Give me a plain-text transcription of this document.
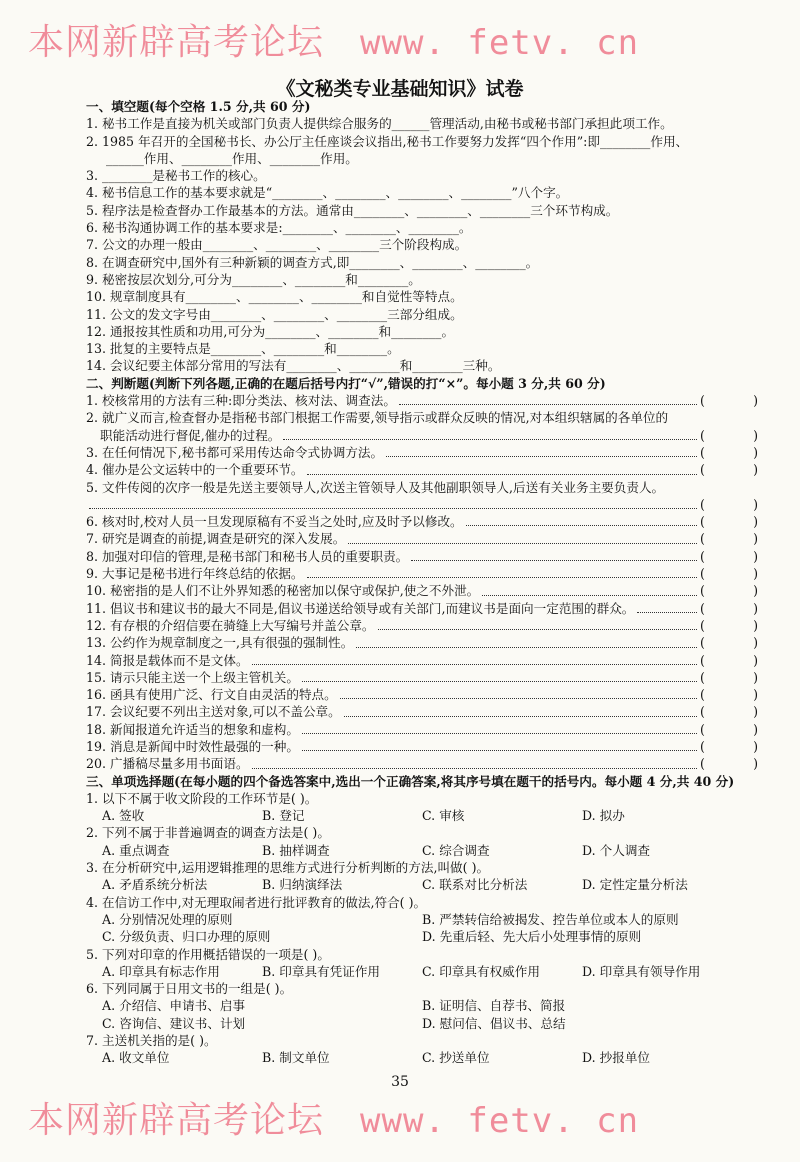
本网新辟高考论坛 www. fetv. cn
《文秘类专业基础知识》试卷
一、填空题(每个空格 1.5 分,共 60 分)
1. 秘书工作是直接为机关或部门负责人提供综合服务的______管理活动,由秘书或秘书部门承担此项工作。
2. 1985 年召开的全国秘书长、办公厅主任座谈会议指出,秘书工作要努力发挥“四个作用”:即________作用、
______作用、________作用、________作用。
3. ________是秘书工作的核心。
4. 秘书信息工作的基本要求就是“________、________、________、________”八个字。
5. 程序法是检查督办工作最基本的方法。通常由________、________、________三个环节构成。
6. 秘书沟通协调工作的基本要求是:________、________、________。
7. 公文的办理一般由________、________、________三个阶段构成。
8. 在调查研究中,国外有三种新颖的调查方式,即________、________、________。
9. 秘密按层次划分,可分为________、________和________。
10. 规章制度具有________、________、________和自觉性等特点。
11. 公文的发文字号由________、________、________三部分组成。
12. 通报按其性质和功用,可分为________、________和________。
13. 批复的主要特点是________、________和________。
14. 会议纪要主体部分常用的写法有________、________和________三种。
二、判断题(判断下列各题,正确的在题后括号内打“√”,错误的打“×”。每小题 3 分,共 60 分)
1. 校核常用的方法有三种:即分类法、核对法、调查法。	(	)
2. 就广义而言,检查督办是指秘书部门根据工作需要,领导指示或群众反映的情况,对本组织辖属的各单位的
职能活动进行督促,催办的过程。	(	)
3. 在任何情况下,秘书都可采用传达命令式协调方法。	(	)
4. 催办是公文运转中的一个重要环节。	(	)
5. 文件传阅的次序一般是先送主要领导人,次送主管领导人及其他副职领导人,后送有关业务主要负责人。
(	)
6. 核对时,校对人员一旦发现原稿有不妥当之处时,应及时予以修改。	(	)
7. 研究是调查的前提,调查是研究的深入发展。	(	)
8. 加强对印信的管理,是秘书部门和秘书人员的重要职责。	(	)
9. 大事记是秘书进行年终总结的依据。	(	)
10. 秘密指的是人们不让外界知悉的秘密加以保守或保护,使之不外泄。	(	)
11. 倡议书和建议书的最大不同是,倡议书递送给领导或有关部门,而建议书是面向一定范围的群众。	(	)
12. 有存根的介绍信要在骑缝上大写编号并盖公章。	(	)
13. 公约作为规章制度之一,具有很强的强制性。	(	)
14. 简报是载体而不是文体。	(	)
15. 请示只能主送一个上级主管机关。	(	)
16. 函具有使用广泛、行文自由灵活的特点。	(	)
17. 会议纪要不列出主送对象,可以不盖公章。	(	)
18. 新闻报道允许适当的想象和虚构。	(	)
19. 消息是新闻中时效性最强的一种。	(	)
20. 广播稿尽量多用书面语。	(	)
三、单项选择题(在每小题的四个备选答案中,选出一个正确答案,将其序号填在题干的括号内。每小题 4 分,共 40 分)
1. 以下不属于收文阶段的工作环节是( )。
A. 签收	B. 登记	C. 审核	D. 拟办
2. 下列不属于非普遍调查的调查方法是( )。
A. 重点调查	B. 抽样调查	C. 综合调查	D. 个人调查
3. 在分析研究中,运用逻辑推理的思维方式进行分析判断的方法,叫做( )。
A. 矛盾系统分析法	B. 归纳演绎法	C. 联系对比分析法	D. 定性定量分析法
4. 在信访工作中,对无理取闹者进行批评教育的做法,符合( )。
A. 分别情况处理的原则	B. 严禁转信给被揭发、控告单位或本人的原则
C. 分级负责、归口办理的原则	D. 先重后轻、先大后小处理事情的原则
5. 下列对印章的作用概括错误的一项是( )。
A. 印章具有标志作用	B. 印章具有凭证作用	C. 印章具有权威作用	D. 印章具有领导作用
6. 下列同属于日用文书的一组是( )。
A. 介绍信、申请书、启事	B. 证明信、自荐书、简报
C. 咨询信、建议书、计划	D. 慰问信、倡议书、总结
7. 主送机关指的是( )。
A. 收文单位	B. 制文单位	C. 抄送单位	D. 抄报单位
35
本网新辟高考论坛 www. fetv. cn
